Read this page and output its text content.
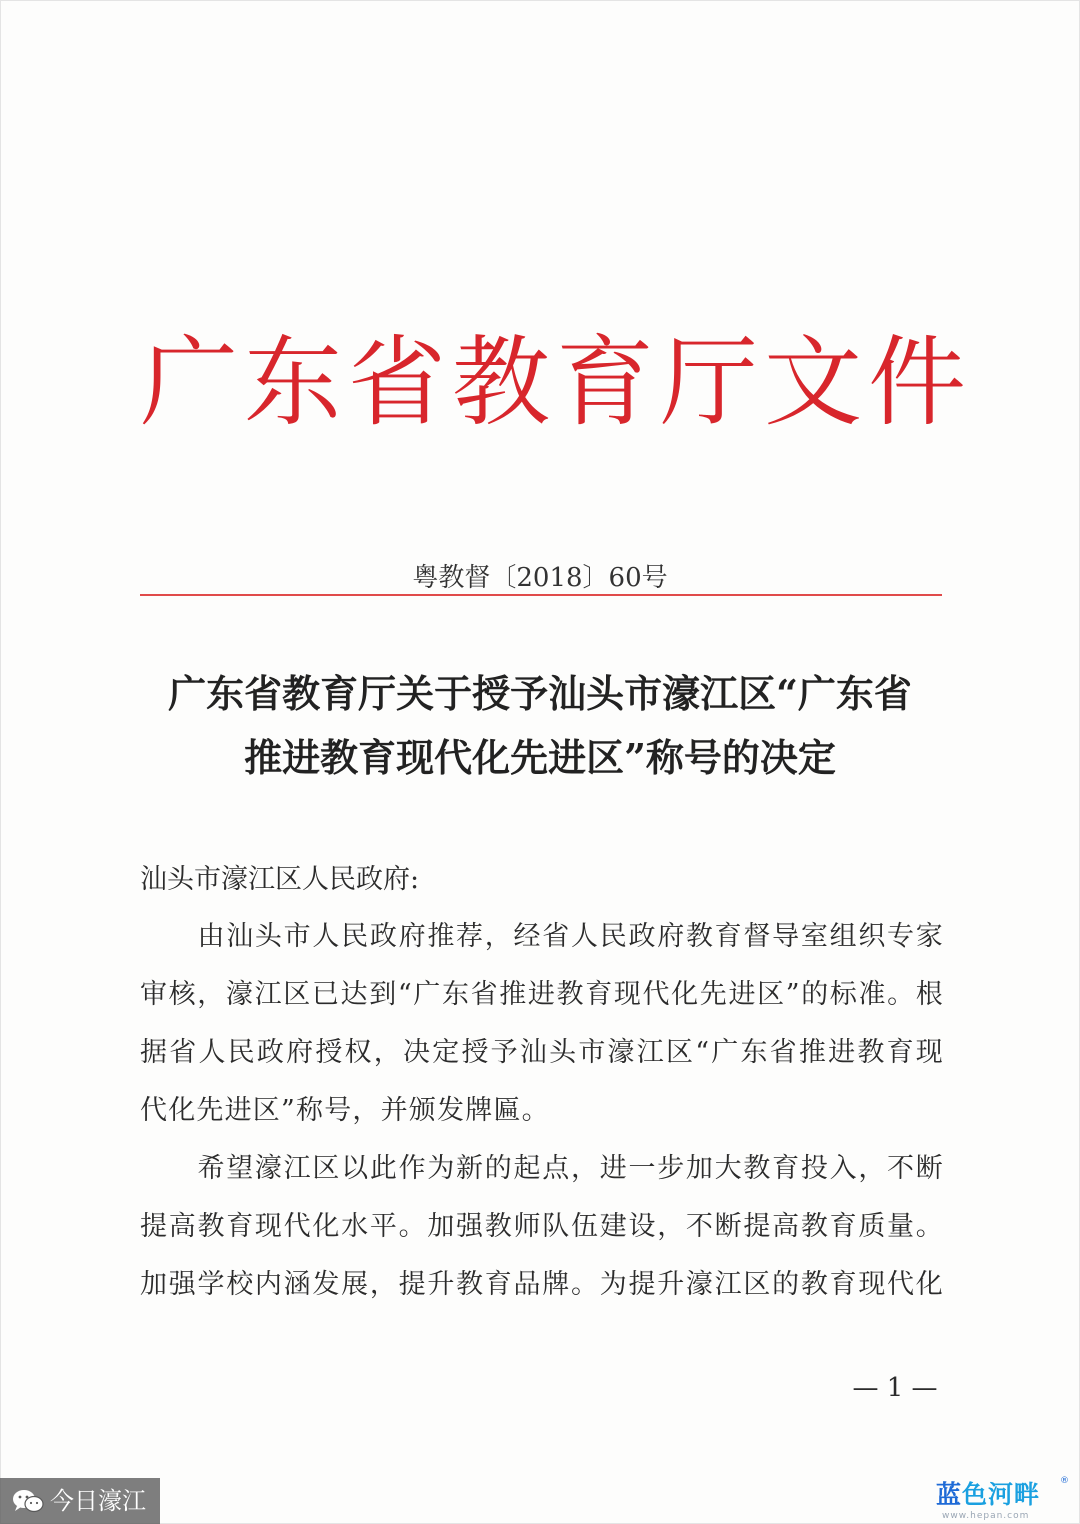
广东省教育厅文件
粤教督〔2018〕60号
广东省教育厅关于授予汕头市濠江区“广东省
推进教育现代化先进区”称号的决定
汕头市濠江区人民政府:
　　由汕头市人民政府推荐，经省人民政府教育督导室组织专家
审核，濠江区已达到“广东省推进教育现代化先进区”的标准。根
据省人民政府授权，决定授予汕头市濠江区“广东省推进教育现
代化先进区”称号，并颁发牌匾。
　　希望濠江区以此作为新的起点，进一步加大教育投入，不断
提高教育现代化水平。加强教师队伍建设，不断提高教育质量。
加强学校内涵发展，提升教育品牌。为提升濠江区的教育现代化
— 1 —
今日濠江	蓝色河畔	®
www.hepan.com
